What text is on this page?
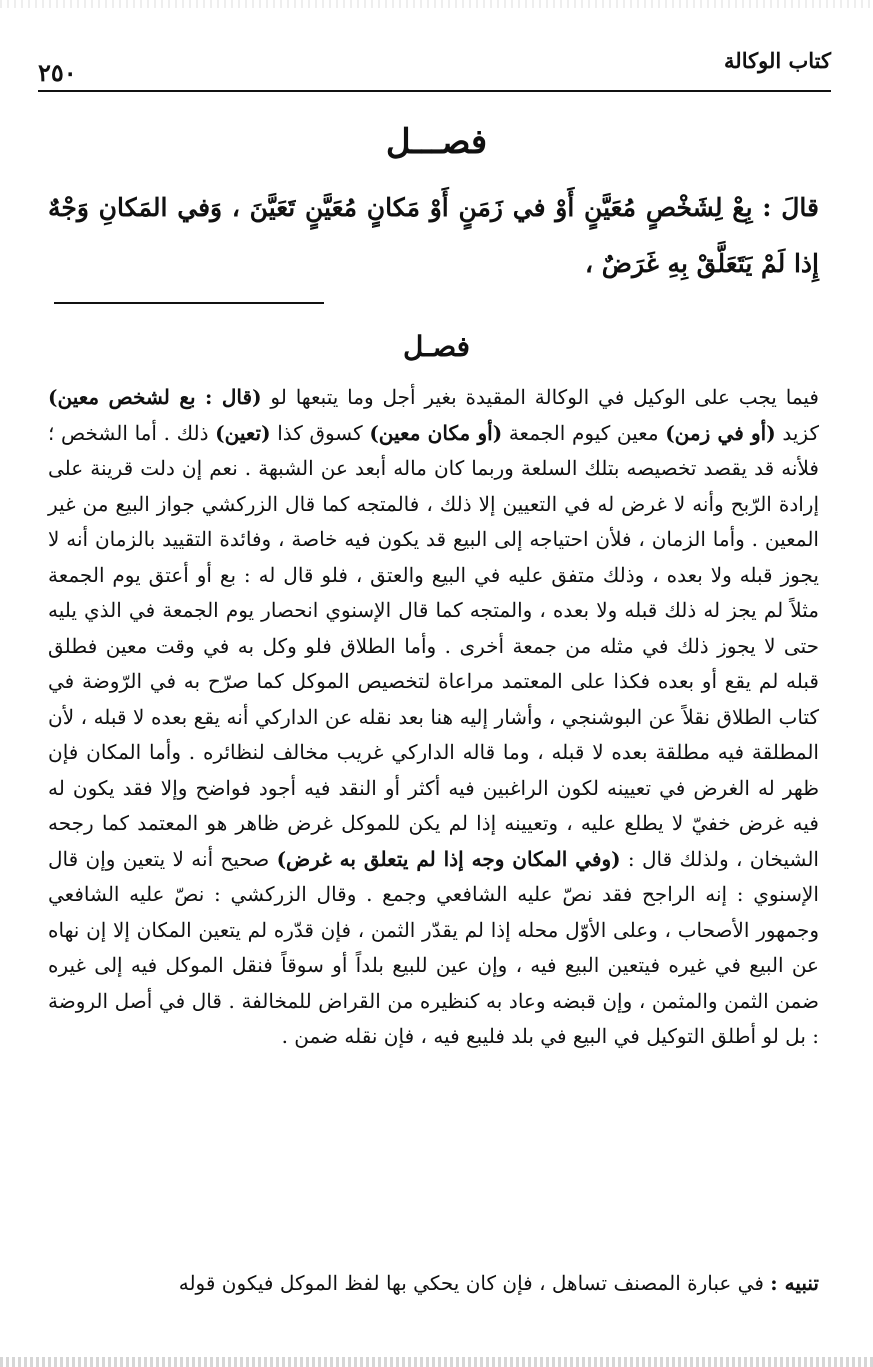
كتاب الوكالة
٢٥٠
فصـــل
قالَ : بِعْ لِشَخْصٍ مُعَيَّنٍ أَوْ في زَمَنٍ أَوْ مَكانٍ مُعَيَّنٍ تَعَيَّنَ ، وَفي المَكانِ وَجْهٌ إِذا لَمْ يَتَعَلَّقْ بِهِ غَرَضٌ ،
فصـل
فيما يجب على الوكيل في الوكالة المقيدة بغير أجل وما يتبعها لو (قال : بع لشخص معين) كزيد (أو في زمن) معين كيوم الجمعة (أو مكان معين) كسوق كذا (تعين) ذلك . أما الشخص ؛ فلأنه قد يقصد تخصيصه بتلك السلعة وربما كان ماله أبعد عن الشبهة . نعم إن دلت قرينة على إرادة الرّبح وأنه لا غرض له في التعيين إلا ذلك ، فالمتجه كما قال الزركشي جواز البيع من غير المعين . وأما الزمان ، فلأن احتياجه إلى البيع قد يكون فيه خاصة ، وفائدة التقييد بالزمان أنه لا يجوز قبله ولا بعده ، وذلك متفق عليه في البيع والعتق ، فلو قال له : بع أو أعتق يوم الجمعة مثلاً لم يجز له ذلك قبله ولا بعده ، والمتجه كما قال الإسنوي انحصار يوم الجمعة في الذي يليه حتى لا يجوز ذلك في مثله من جمعة أخرى . وأما الطلاق فلو وكل به في وقت معين فطلق قبله لم يقع أو بعده فكذا على المعتمد مراعاة لتخصيص الموكل كما صرّح به في الرّوضة في كتاب الطلاق نقلاً عن البوشنجي ، وأشار إليه هنا بعد نقله عن الداركي أنه يقع بعده لا قبله ، لأن المطلقة فيه مطلقة بعده لا قبله ، وما قاله الداركي غريب مخالف لنظائره . وأما المكان فإن ظهر له الغرض في تعيينه لكون الراغبين فيه أكثر أو النقد فيه أجود فواضح وإلا فقد يكون له فيه غرض خفيّ لا يطلع عليه ، وتعيينه إذا لم يكن للموكل غرض ظاهر هو المعتمد كما رجحه الشيخان ، ولذلك قال : (وفي المكان وجه إذا لم يتعلق به غرض) صحيح أنه لا يتعين وإن قال الإسنوي : إنه الراجح فقد نصّ عليه الشافعي وجمع . وقال الزركشي : نصّ عليه الشافعي وجمهور الأصحاب ، وعلى الأوّل محله إذا لم يقدّر الثمن ، فإن قدّره لم يتعين المكان إلا إن نهاه عن البيع في غيره فيتعين البيع فيه ، وإن عين للبيع بلداً أو سوقاً فنقل الموكل فيه إلى غيره ضمن الثمن والمثمن ، وإن قبضه وعاد به كنظيره من القراض للمخالفة . قال في أصل الروضة : بل لو أطلق التوكيل في البيع في بلد فليبع فيه ، فإن نقله ضمن .
تنبيه : في عبارة المصنف تساهل ، فإن كان يحكي بها لفظ الموكل فيكون قوله
